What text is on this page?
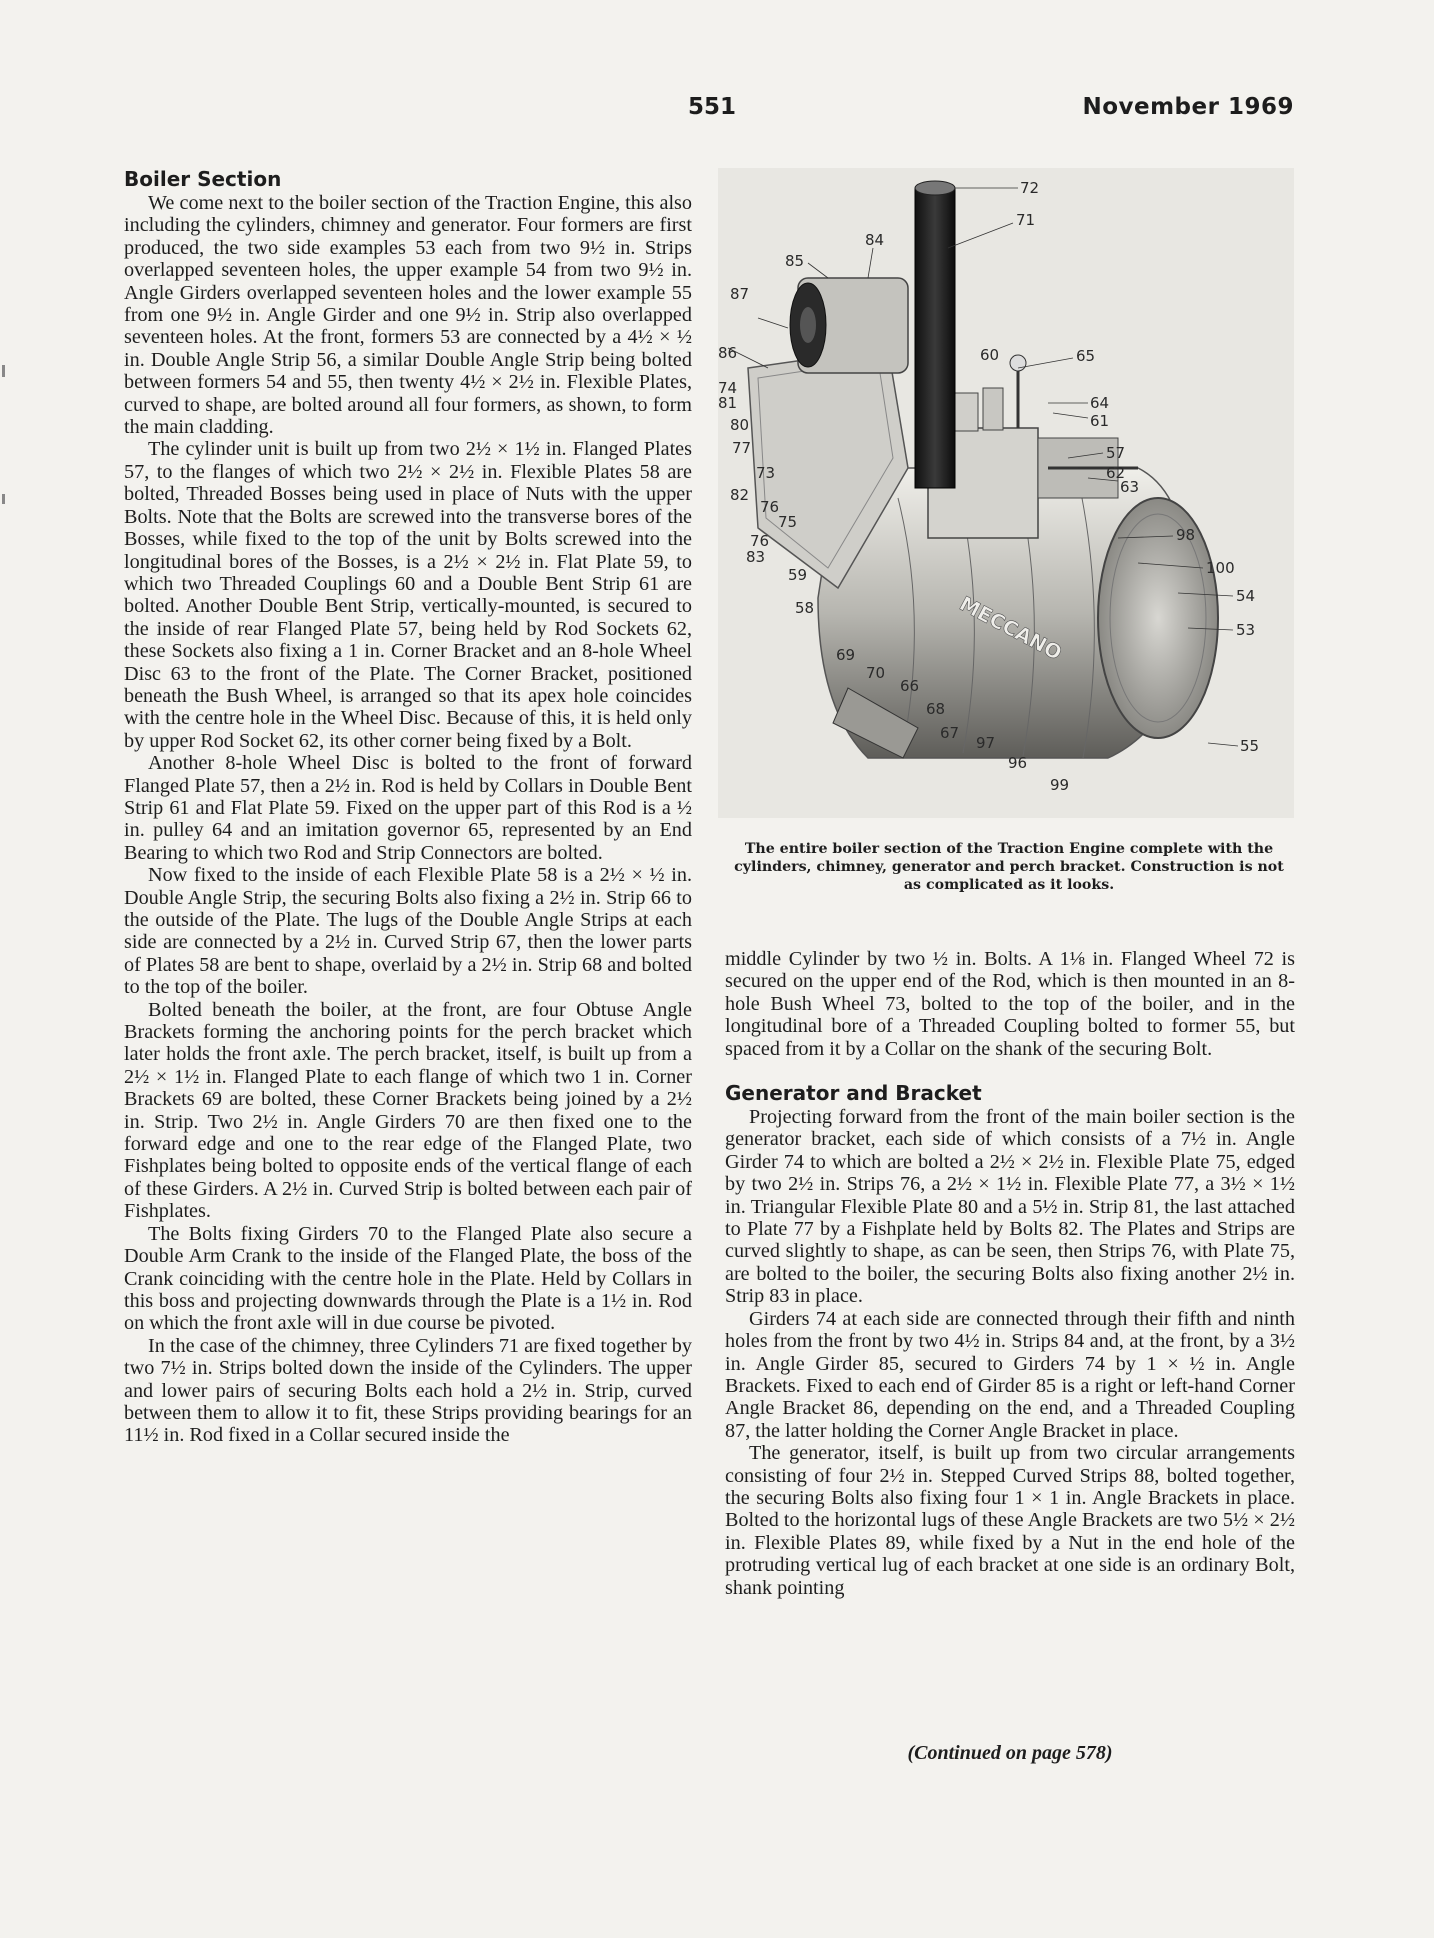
551	November 1969
Boiler Section

We come next to the boiler section of the Traction Engine, this also including the cylinders, chimney and generator. Four formers are first produced, the two side examples 53 each from two 9½ in. Strips overlapped seventeen holes, the upper example 54 from two 9½ in. Angle Girders overlapped seventeen holes and the lower example 55 from one 9½ in. Angle Girder and one 9½ in. Strip also overlapped seventeen holes. At the front, formers 53 are connected by a 4½ × ½ in. Double Angle Strip 56, a similar Double Angle Strip being bolted between formers 54 and 55, then twenty 4½ × 2½ in. Flexible Plates, curved to shape, are bolted around all four formers, as shown, to form the main cladding.

The cylinder unit is built up from two 2½ × 1½ in. Flanged Plates 57, to the flanges of which two 2½ × 2½ in. Flexible Plates 58 are bolted, Threaded Bosses being used in place of Nuts with the upper Bolts. Note that the Bolts are screwed into the transverse bores of the Bosses, while fixed to the top of the unit by Bolts screwed into the longitudinal bores of the Bosses, is a 2½ × 2½ in. Flat Plate 59, to which two Threaded Couplings 60 and a Double Bent Strip 61 are bolted. Another Double Bent Strip, vertically-mounted, is secured to the inside of rear Flanged Plate 57, being held by Rod Sockets 62, these Sockets also fixing a 1 in. Corner Bracket and an 8-hole Wheel Disc 63 to the front of the Plate. The Corner Bracket, positioned beneath the Bush Wheel, is arranged so that its apex hole coincides with the centre hole in the Wheel Disc. Because of this, it is held only by upper Rod Socket 62, its other corner being fixed by a Bolt.

Another 8-hole Wheel Disc is bolted to the front of forward Flanged Plate 57, then a 2½ in. Rod is held by Collars in Double Bent Strip 61 and Flat Plate 59. Fixed on the upper part of this Rod is a ½ in. pulley 64 and an imitation governor 65, represented by an End Bearing to which two Rod and Strip Connectors are bolted.

Now fixed to the inside of each Flexible Plate 58 is a 2½ × ½ in. Double Angle Strip, the securing Bolts also fixing a 2½ in. Strip 66 to the outside of the Plate. The lugs of the Double Angle Strips at each side are connected by a 2½ in. Curved Strip 67, then the lower parts of Plates 58 are bent to shape, overlaid by a 2½ in. Strip 68 and bolted to the top of the boiler.

Bolted beneath the boiler, at the front, are four Obtuse Angle Brackets forming the anchoring points for the perch bracket which later holds the front axle. The perch bracket, itself, is built up from a 2½ × 1½ in. Flanged Plate to each flange of which two 1 in. Corner Brackets 69 are bolted, these Corner Brackets being joined by a 2½ in. Strip. Two 2½ in. Angle Girders 70 are then fixed one to the forward edge and one to the rear edge of the Flanged Plate, two Fishplates being bolted to opposite ends of the vertical flange of each of these Girders. A 2½ in. Curved Strip is bolted between each pair of Fishplates.

The Bolts fixing Girders 70 to the Flanged Plate also secure a Double Arm Crank to the inside of the Flanged Plate, the boss of the Crank coinciding with the centre hole in the Plate. Held by Collars in this boss and projecting downwards through the Plate is a 1½ in. Rod on which the front axle will in due course be pivoted.

In the case of the chimney, three Cylinders 71 are fixed together by two 7½ in. Strips bolted down the inside of the Cylinders. The upper and lower pairs of securing Bolts each hold a 2½ in. Strip, curved between them to allow it to fit, these Strips providing bearings for an 11½ in. Rod fixed in a Collar secured inside the

MECCANO
72
71
84
85
87
86
74
81
80
77
73
82
76
75
76
83
59
58
60	65
64
61
57
62
63
98
100
54
53
69
70
66
68
67
97
96
99
55
The entire boiler section of the Traction Engine complete with the cylinders, chimney, generator and perch bracket. Construction is not as complicated as it looks.

middle Cylinder by two ½ in. Bolts. A 1⅛ in. Flanged Wheel 72 is secured on the upper end of the Rod, which is then mounted in an 8-hole Bush Wheel 73, bolted to the top of the boiler, and in the longitudinal bore of a Threaded Coupling bolted to former 55, but spaced from it by a Collar on the shank of the securing Bolt.

Generator and Bracket

Projecting forward from the front of the main boiler section is the generator bracket, each side of which consists of a 7½ in. Angle Girder 74 to which are bolted a 2½ × 2½ in. Flexible Plate 75, edged by two 2½ in. Strips 76, a 2½ × 1½ in. Flexible Plate 77, a 3½ × 1½ in. Triangular Flexible Plate 80 and a 5½ in. Strip 81, the last attached to Plate 77 by a Fishplate held by Bolts 82. The Plates and Strips are curved slightly to shape, as can be seen, then Strips 76, with Plate 75, are bolted to the boiler, the securing Bolts also fixing another 2½ in. Strip 83 in place.

Girders 74 at each side are connected through their fifth and ninth holes from the front by two 4½ in. Strips 84 and, at the front, by a 3½ in. Angle Girder 85, secured to Girders 74 by 1 × ½ in. Angle Brackets. Fixed to each end of Girder 85 is a right or left-hand Corner Angle Bracket 86, depending on the end, and a Threaded Coupling 87, the latter holding the Corner Angle Bracket in place.

The generator, itself, is built up from two circular arrangements consisting of four 2½ in. Stepped Curved Strips 88, bolted together, the securing Bolts also fixing four 1 × 1 in. Angle Brackets in place. Bolted to the horizontal lugs of these Angle Brackets are two 5½ × 2½ in. Flexible Plates 89, while fixed by a Nut in the end hole of the protruding vertical lug of each bracket at one side is an ordinary Bolt, shank pointing

(Continued on page 578)
